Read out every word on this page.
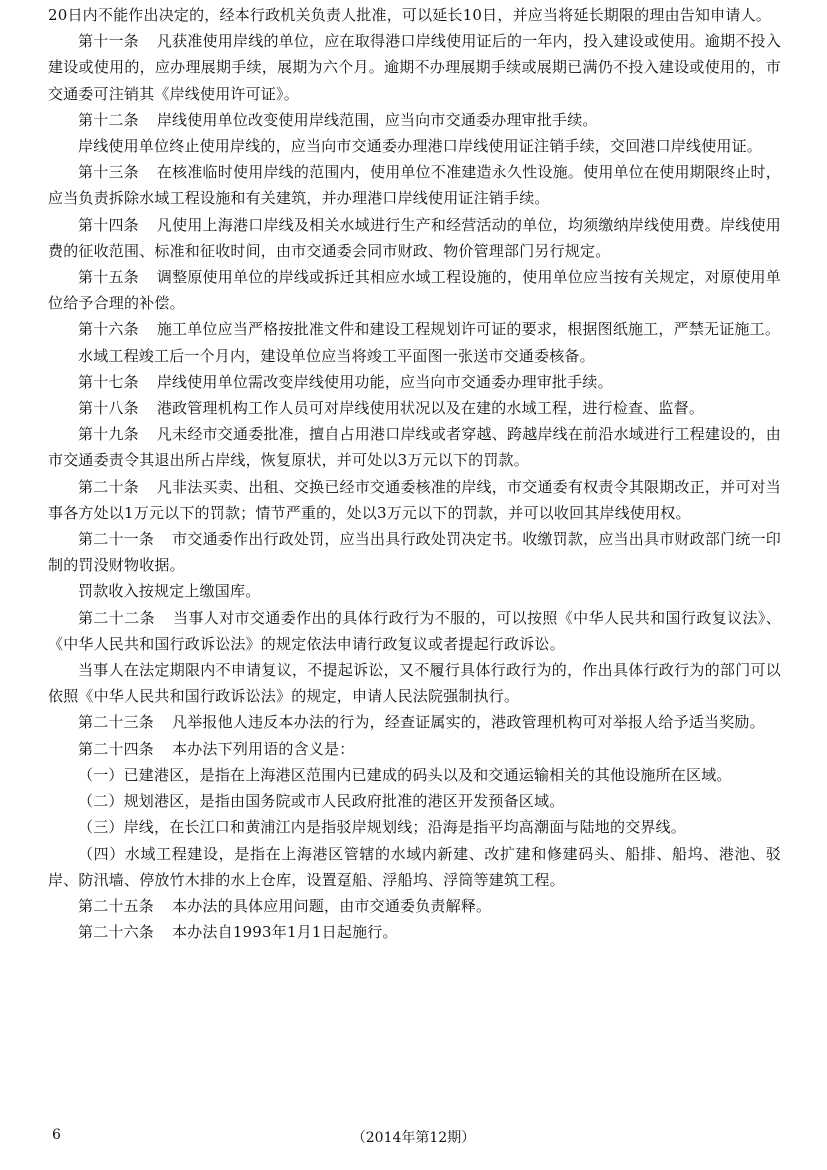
20日内不能作出决定的，经本行政机关负责人批准，可以延长10日，并应当将延长期限的理由告知申请人。

第十一条 凡获准使用岸线的单位，应在取得港口岸线使用证后的一年内，投入建设或使用。逾期不投入建设或使用的，应办理展期手续，展期为六个月。逾期不办理展期手续或展期已满仍不投入建设或使用的，市交通委可注销其《岸线使用许可证》。

第十二条 岸线使用单位改变使用岸线范围，应当向市交通委办理审批手续。

岸线使用单位终止使用岸线的，应当向市交通委办理港口岸线使用证注销手续，交回港口岸线使用证。

第十三条 在核准临时使用岸线的范围内，使用单位不准建造永久性设施。使用单位在使用期限终止时，应当负责拆除水域工程设施和有关建筑，并办理港口岸线使用证注销手续。

第十四条 凡使用上海港口岸线及相关水域进行生产和经营活动的单位，均须缴纳岸线使用费。岸线使用费的征收范围、标准和征收时间，由市交通委会同市财政、物价管理部门另行规定。

第十五条 调整原使用单位的岸线或拆迁其相应水域工程设施的，使用单位应当按有关规定，对原使用单位给予合理的补偿。

第十六条 施工单位应当严格按批准文件和建设工程规划许可证的要求，根据图纸施工，严禁无证施工。

水域工程竣工后一个月内，建设单位应当将竣工平面图一张送市交通委核备。

第十七条 岸线使用单位需改变岸线使用功能，应当向市交通委办理审批手续。

第十八条 港政管理机构工作人员可对岸线使用状况以及在建的水域工程，进行检查、监督。

第十九条 凡未经市交通委批准，擅自占用港口岸线或者穿越、跨越岸线在前沿水域进行工程建设的，由市交通委责令其退出所占岸线，恢复原状，并可处以3万元以下的罚款。

第二十条 凡非法买卖、出租、交换已经市交通委核准的岸线，市交通委有权责令其限期改正，并可对当事各方处以1万元以下的罚款；情节严重的，处以3万元以下的罚款，并可以收回其岸线使用权。

第二十一条 市交通委作出行政处罚，应当出具行政处罚决定书。收缴罚款，应当出具市财政部门统一印制的罚没财物收据。

罚款收入按规定上缴国库。

第二十二条 当事人对市交通委作出的具体行政行为不服的，可以按照《中华人民共和国行政复议法》、《中华人民共和国行政诉讼法》的规定依法申请行政复议或者提起行政诉讼。

当事人在法定期限内不申请复议，不提起诉讼，又不履行具体行政行为的，作出具体行政行为的部门可以依照《中华人民共和国行政诉讼法》的规定，申请人民法院强制执行。

第二十三条 凡举报他人违反本办法的行为，经查证属实的，港政管理机构可对举报人给予适当奖励。

第二十四条 本办法下列用语的含义是：

（一）已建港区，是指在上海港区范围内已建成的码头以及和交通运输相关的其他设施所在区域。

（二）规划港区，是指由国务院或市人民政府批准的港区开发预备区域。

（三）岸线，在长江口和黄浦江内是指驳岸规划线；沿海是指平均高潮面与陆地的交界线。

（四）水域工程建设，是指在上海港区管辖的水域内新建、改扩建和修建码头、船排、船坞、港池、驳岸、防汛墙、停放竹木排的水上仓库，设置趸船、浮船坞、浮筒等建筑工程。

第二十五条 本办法的具体应用问题，由市交通委负责解释。

第二十六条 本办法自1993年1月1日起施行。

6	（2014年第12期）
